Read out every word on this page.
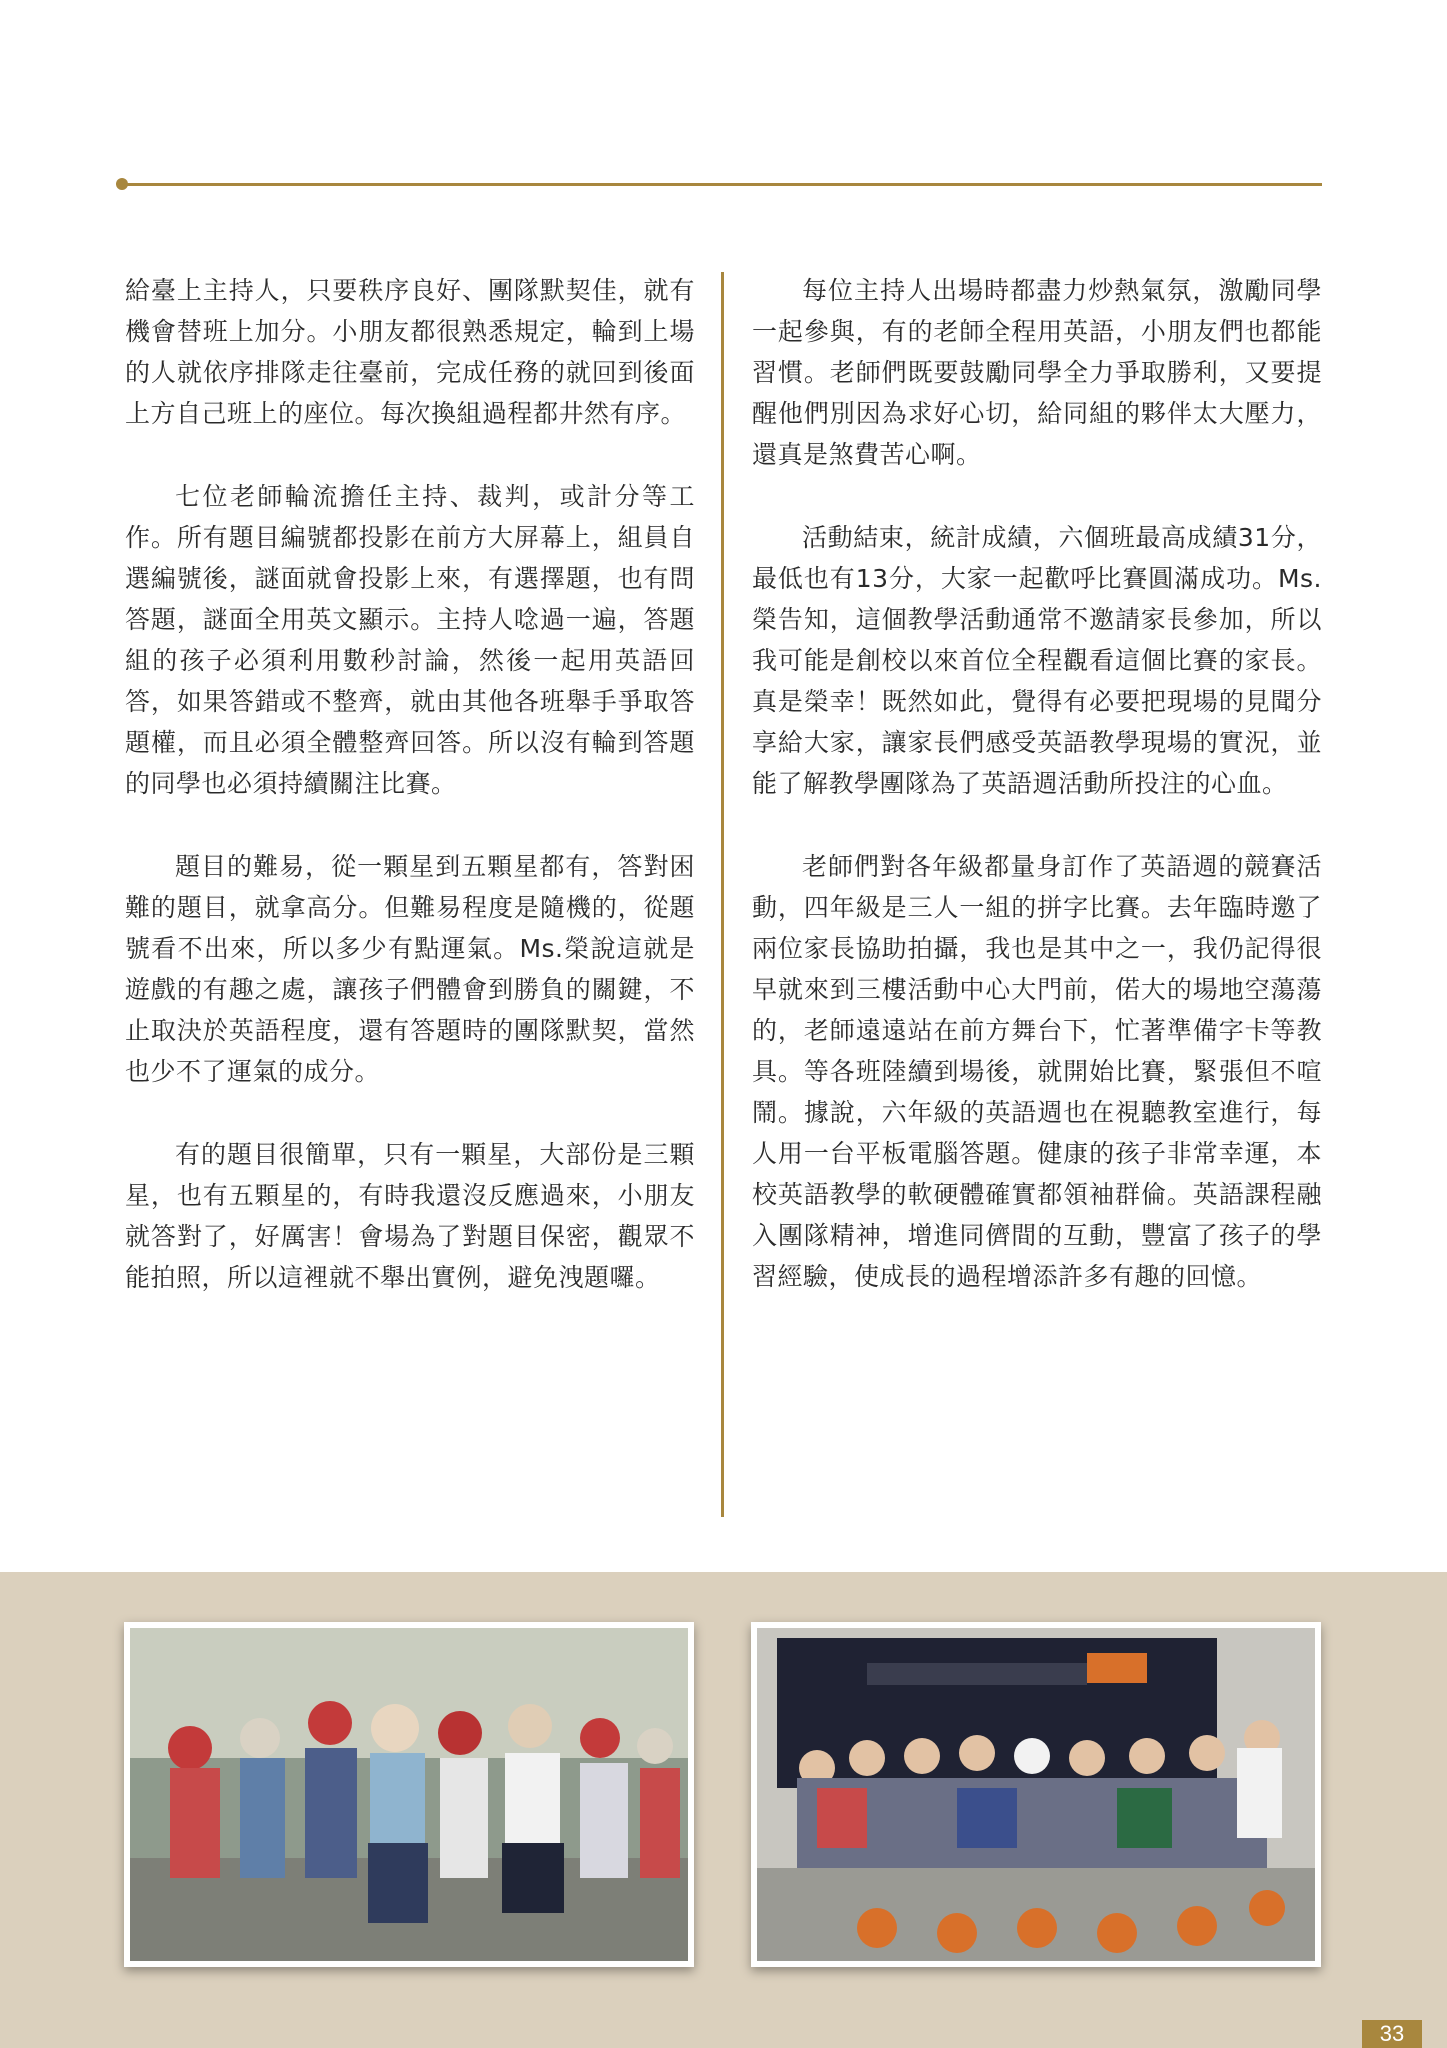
給臺上主持人，只要秩序良好、團隊默契佳，就有機會替班上加分。小朋友都很熟悉規定，輪到上場的人就依序排隊走往臺前，完成任務的就回到後面上方自己班上的座位。每次換組過程都井然有序。

七位老師輪流擔任主持、裁判，或計分等工作。所有題目編號都投影在前方大屏幕上，組員自選編號後，謎面就會投影上來，有選擇題，也有問答題，謎面全用英文顯示。主持人唸過一遍，答題組的孩子必須利用數秒討論，然後一起用英語回答，如果答錯或不整齊，就由其他各班舉手爭取答題權，而且必須全體整齊回答。所以沒有輪到答題的同學也必須持續關注比賽。

題目的難易，從一顆星到五顆星都有，答對困難的題目，就拿高分。但難易程度是隨機的，從題號看不出來，所以多少有點運氣。Ms.榮說這就是遊戲的有趣之處，讓孩子們體會到勝負的關鍵，不止取決於英語程度，還有答題時的團隊默契，當然也少不了運氣的成分。

有的題目很簡單，只有一顆星，大部份是三顆星，也有五顆星的，有時我還沒反應過來，小朋友就答對了，好厲害！會場為了對題目保密，觀眾不能拍照，所以這裡就不舉出實例，避免洩題囉。

每位主持人出場時都盡力炒熱氣氛，激勵同學一起參與，有的老師全程用英語，小朋友們也都能習慣。老師們既要鼓勵同學全力爭取勝利，又要提醒他們別因為求好心切，給同組的夥伴太大壓力，還真是煞費苦心啊。

活動結束，統計成績，六個班最高成績31分，最低也有13分，大家一起歡呼比賽圓滿成功。Ms.榮告知，這個教學活動通常不邀請家長參加，所以我可能是創校以來首位全程觀看這個比賽的家長。真是榮幸！既然如此，覺得有必要把現場的見聞分享給大家，讓家長們感受英語教學現場的實況，並能了解教學團隊為了英語週活動所投注的心血。

老師們對各年級都量身訂作了英語週的競賽活動，四年級是三人一組的拼字比賽。去年臨時邀了兩位家長協助拍攝，我也是其中之一，我仍記得很早就來到三樓活動中心大門前，偌大的場地空蕩蕩的，老師遠遠站在前方舞台下，忙著準備字卡等教具。等各班陸續到場後，就開始比賽，緊張但不喧鬧。據說，六年級的英語週也在視聽教室進行，每人用一台平板電腦答題。健康的孩子非常幸運，本校英語教學的軟硬體確實都領袖群倫。英語課程融入團隊精神，增進同儕間的互動，豐富了孩子的學習經驗，使成長的過程增添許多有趣的回憶。

33
